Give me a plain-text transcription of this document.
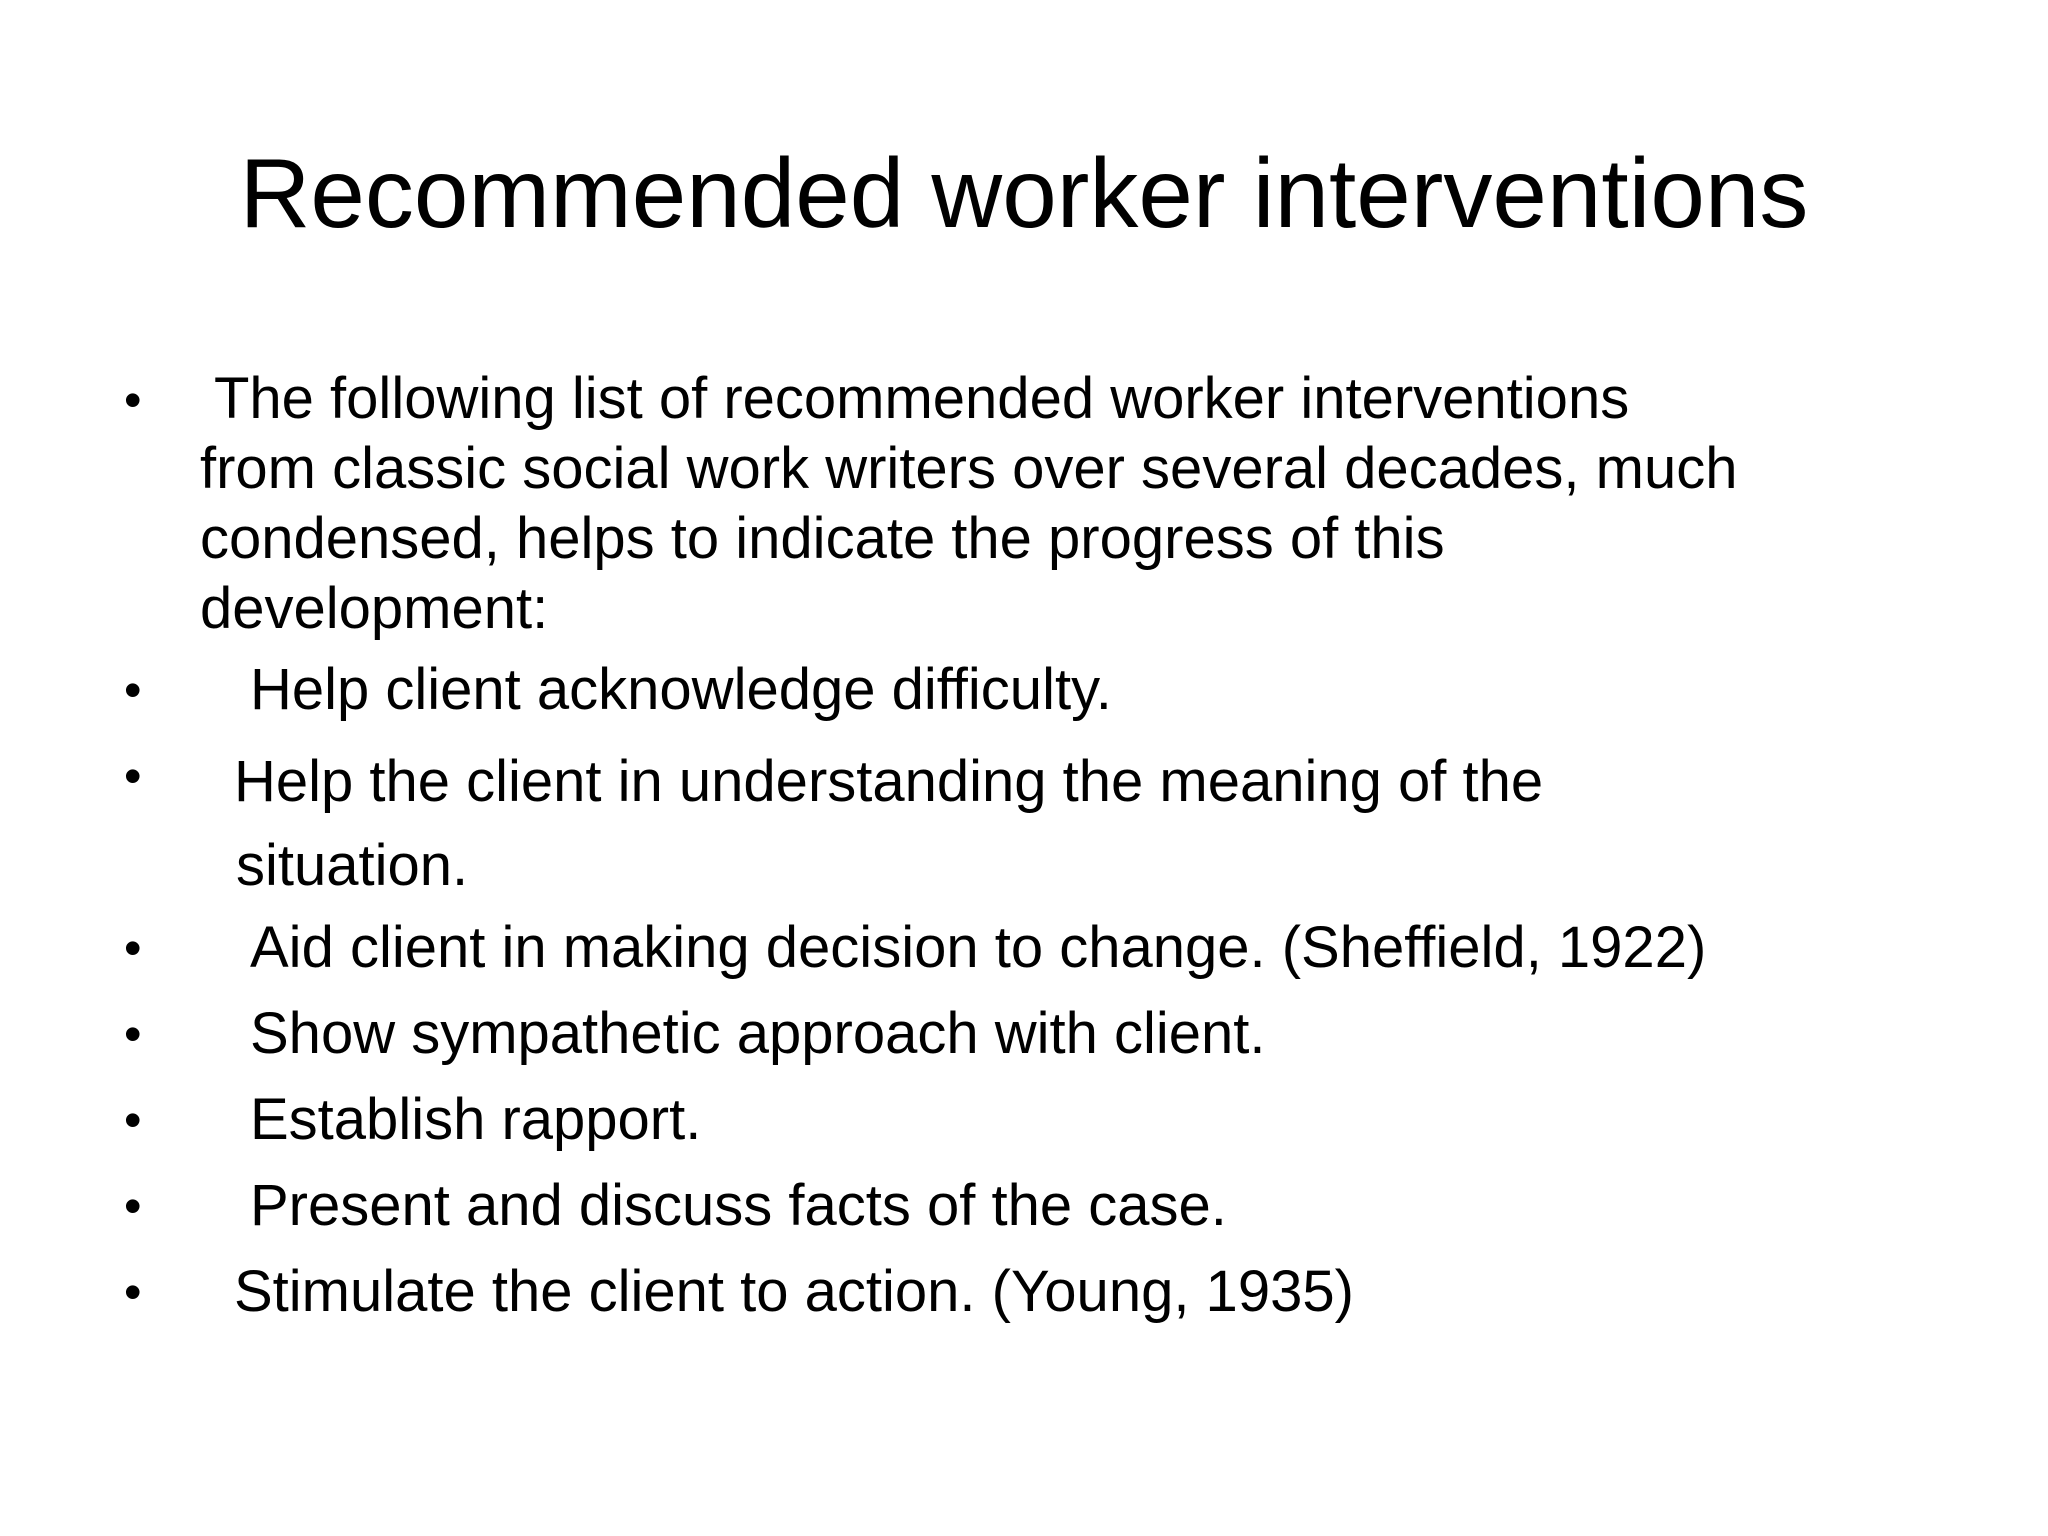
Recommended worker interventions
• The following list of recommended worker interventions
from classic social work writers over several decades, much
condensed, helps to indicate the progress of this
development:
• Help client acknowledge difficulty.
• Help the client in understanding the meaning of the
situation.
• Aid client in making decision to change. (Sheffield, 1922)
• Show sympathetic approach with client.
• Establish rapport.
• Present and discuss facts of the case.
• Stimulate the client to action. (Young, 1935)
